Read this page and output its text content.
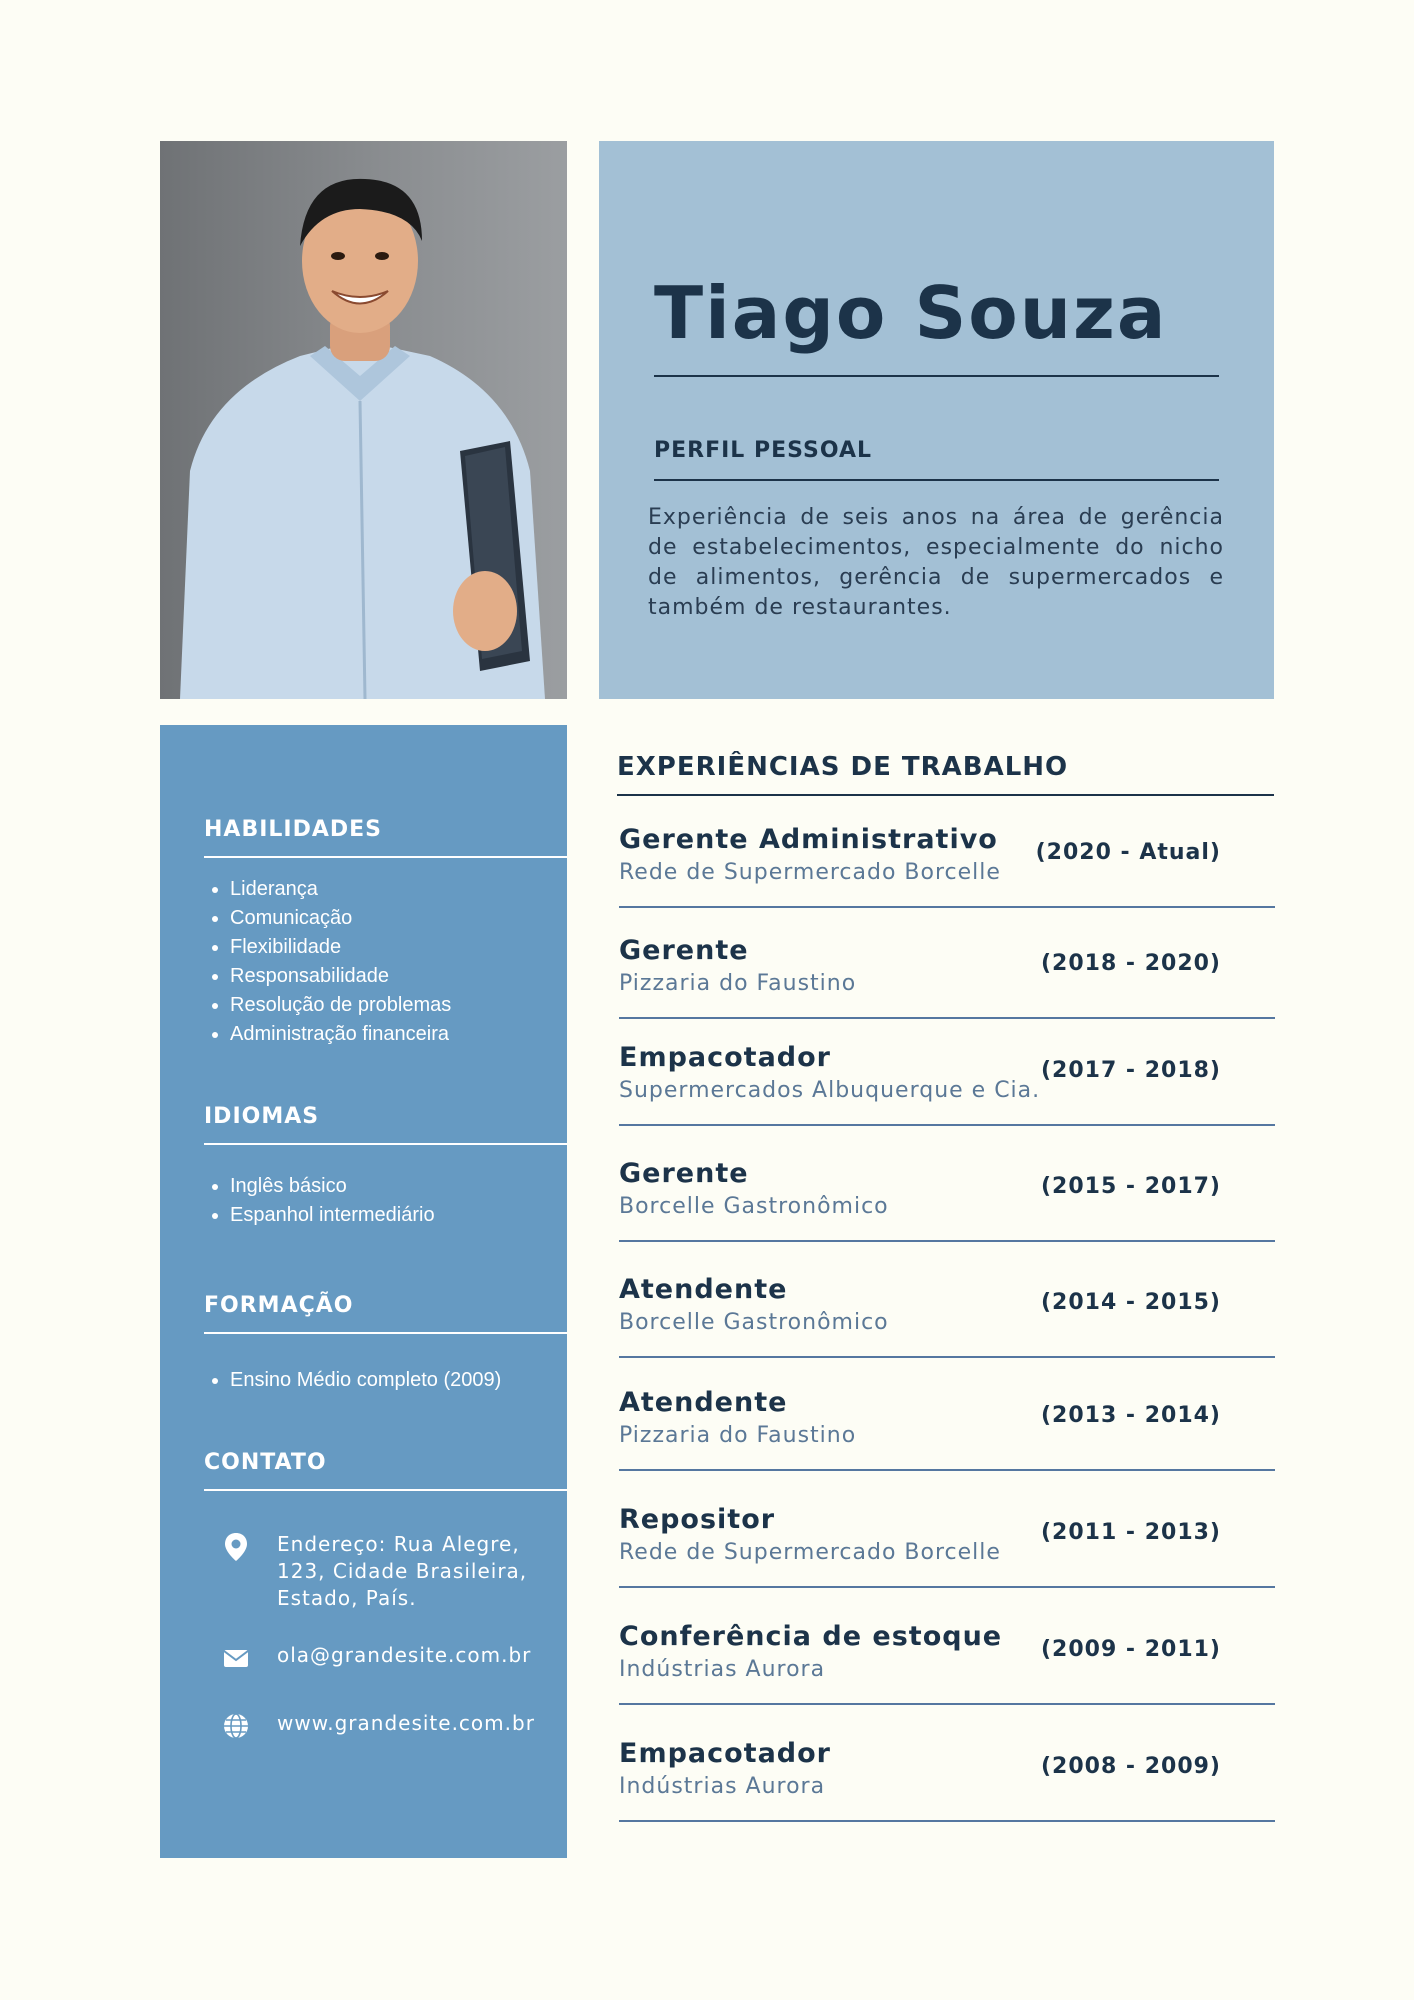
Tiago Souza
PERFIL PESSOAL
Experiência de seis anos na área de gerência de estabelecimentos, especialmente do nicho de alimentos, gerência de supermercados e também de restaurantes.
HABILIDADES
• Liderança
• Comunicação
• Flexibilidade
• Responsabilidade
• Resolução de problemas
• Administração financeira
IDIOMAS
• Inglês básico
• Espanhol intermediário
FORMAÇÃO
• Ensino Médio completo (2009)
CONTATO
Endereço: Rua Alegre, 123, Cidade Brasileira, Estado, País.
ola@grandesite.com.br
www.grandesite.com.br
EXPERIÊNCIAS DE TRABALHO
Gerente Administrativo
Rede de Supermercado Borcelle
(2020 - Atual)
Gerente
Pizzaria do Faustino
(2018 - 2020)
Empacotador
Supermercados Albuquerque e Cia.
(2017 - 2018)
Gerente
Borcelle Gastronômico
(2015 - 2017)
Atendente
Borcelle Gastronômico
(2014 - 2015)
Atendente
Pizzaria do Faustino
(2013 - 2014)
Repositor
Rede de Supermercado Borcelle
(2011 - 2013)
Conferência de estoque
Indústrias Aurora
(2009 - 2011)
Empacotador
Indústrias Aurora
(2008 - 2009)
